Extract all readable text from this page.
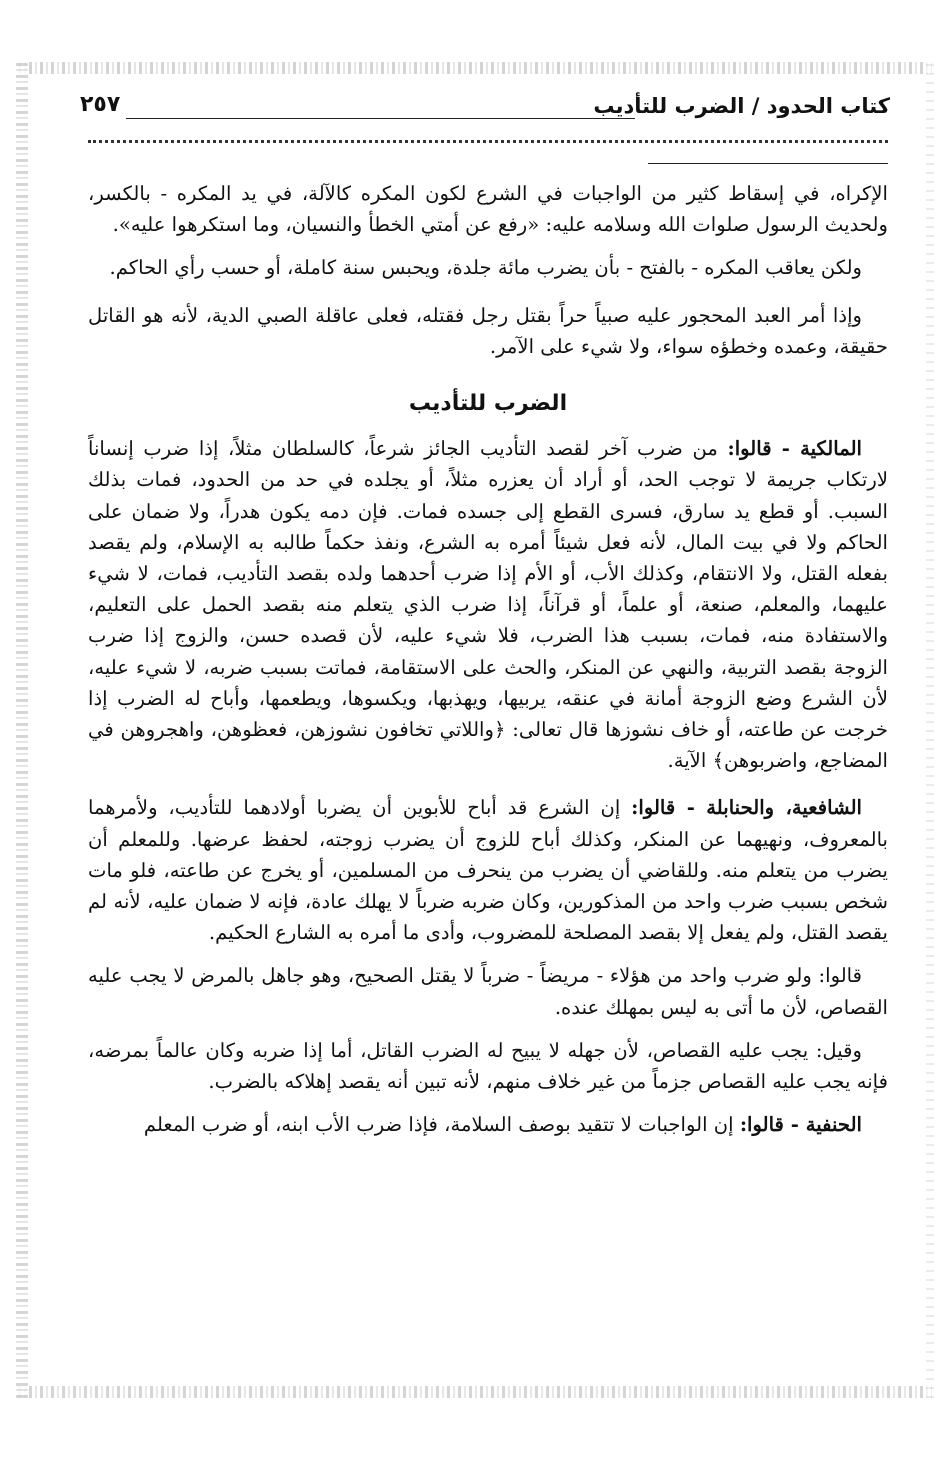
كتاب الحدود / الضرب للتأديب
٢٥٧

الإكراه، في إسقاط كثير من الواجبات في الشرع لكون المكره كالآلة، في يد المكره - بالكسر، ولحديث الرسول صلوات الله وسلامه عليه: «رفع عن أمتي الخطأ والنسيان، وما استكرهوا عليه».

ولكن يعاقب المكره - بالفتح - بأن يضرب مائة جلدة، ويحبس سنة كاملة، أو حسب رأي الحاكم.

وإذا أمر العبد المحجور عليه صبياً حراً بقتل رجل فقتله، فعلى عاقلة الصبي الدية، لأنه هو القاتل حقيقة، وعمده وخطؤه سواء، ولا شيء على الآمر.

الضرب للتأديب

المالكية - قالوا: من ضرب آخر لقصد التأديب الجائز شرعاً، كالسلطان مثلاً، إذا ضرب إنساناً لارتكاب جريمة لا توجب الحد، أو أراد أن يعزره مثلاً، أو يجلده في حد من الحدود، فمات بذلك السبب. أو قطع يد سارق، فسرى القطع إلى جسده فمات. فإن دمه يكون هدراً، ولا ضمان على الحاكم ولا في بيت المال، لأنه فعل شيئاً أمره به الشرع، ونفذ حكماً طالبه به الإسلام، ولم يقصد بفعله القتل، ولا الانتقام، وكذلك الأب، أو الأم إذا ضرب أحدهما ولده بقصد التأديب، فمات، لا شيء عليهما، والمعلم، صنعة، أو علماً، أو قرآناً، إذا ضرب الذي يتعلم منه بقصد الحمل على التعليم، والاستفادة منه، فمات، بسبب هذا الضرب، فلا شيء عليه، لأن قصده حسن، والزوج إذا ضرب الزوجة بقصد التربية، والنهي عن المنكر، والحث على الاستقامة، فماتت بسبب ضربه، لا شيء عليه، لأن الشرع وضع الزوجة أمانة في عنقه، يربيها، ويهذبها، ويكسوها، ويطعمها، وأباح له الضرب إذا خرجت عن طاعته، أو خاف نشوزها قال تعالى: ﴿واللاتي تخافون نشوزهن، فعظوهن، واهجروهن في المضاجع، واضربوهن﴾ الآية.

الشافعية، والحنابلة - قالوا: إن الشرع قد أباح للأبوين أن يضربا أولادهما للتأديب، ولأمرهما بالمعروف، ونهيهما عن المنكر، وكذلك أباح للزوج أن يضرب زوجته، لحفظ عرضها. وللمعلم أن يضرب من يتعلم منه. وللقاضي أن يضرب من ينحرف من المسلمين، أو يخرج عن طاعته، فلو مات شخص بسبب ضرب واحد من المذكورين، وكان ضربه ضرباً لا يهلك عادة، فإنه لا ضمان عليه، لأنه لم يقصد القتل، ولم يفعل إلا بقصد المصلحة للمضروب، وأدى ما أمره به الشارع الحكيم.

قالوا: ولو ضرب واحد من هؤلاء - مريضاً - ضرباً لا يقتل الصحيح، وهو جاهل بالمرض لا يجب عليه القصاص، لأن ما أتى به ليس بمهلك عنده.

وقيل: يجب عليه القصاص، لأن جهله لا يبيح له الضرب القاتل، أما إذا ضربه وكان عالماً بمرضه، فإنه يجب عليه القصاص جزماً من غير خلاف منهم، لأنه تبين أنه يقصد إهلاكه بالضرب.

الحنفية - قالوا: إن الواجبات لا تتقيد بوصف السلامة، فإذا ضرب الأب ابنه، أو ضرب المعلم
